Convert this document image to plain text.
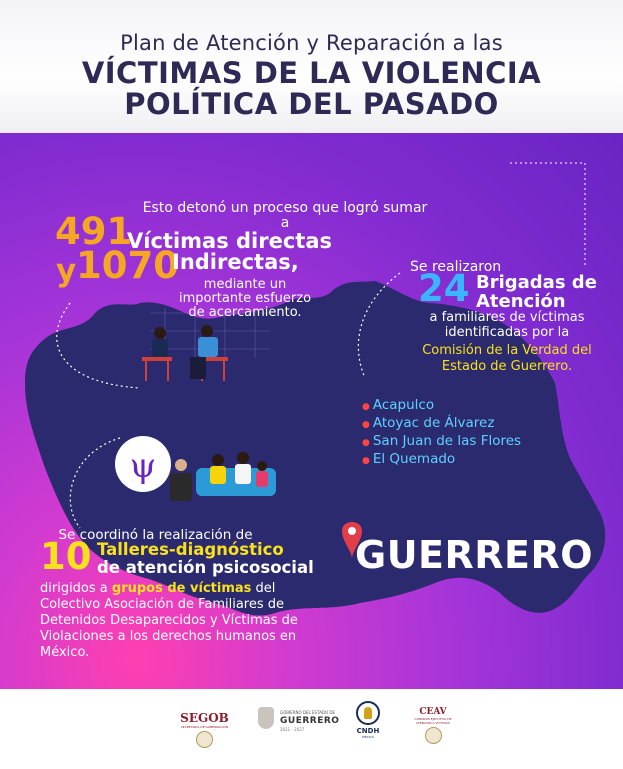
Plan de Atención y Reparación a las
VÍCTIMAS DE LA VIOLENCIA
POLÍTICA DEL PASADO
ψ
Esto detonó un proceso que logró sumar a
491
Víctimas directas
y 1070
Indirectas,
mediante un importante esfuerzo de acercamiento.
Se realizaron
24 Brigadas de Atención
a familiares de víctimas identificadas por la
Comisión de la Verdad del Estado de Guerrero.
● Acapulco
● Atoyac de Álvarez
● San Juan de las Flores
● El Quemado
Se coordinó la realización de
10 Talleres-diagnóstico
de atención psicosocial
dirigidos a grupos de víctimas del Colectivo Asociación de Familiares de Detenidos Desaparecidos y Víctimas de Violaciones a los derechos humanos en México.
GUERRERO
SEGOB
SECRETARÍA DE GOBERNACIÓN
GOBIERNO DEL ESTADO DE
GUERRERO
2021 - 2027	CNDH
MÉXICO
CEAV
COMISIÓN EJECUTIVA DE ATENCIÓN A VÍCTIMAS
